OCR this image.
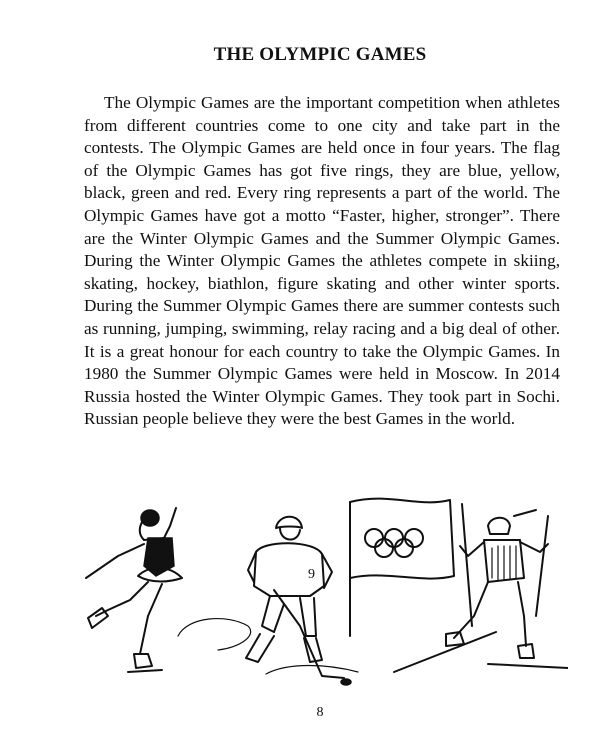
THE OLYMPIC GAMES

The Olympic Games are the important competition when athletes from different countries come to one city and take part in the contests. The Olympic Games are held once in four years. The flag of the Olympic Games has got five rings, they are blue, yellow, black, green and red. Every ring represents a part of the world. The Olympic Games have got a motto “Faster, higher, stronger”. There are the Winter Olympic Games and the Summer Olympic Games. During the Winter Olympic Games the athletes compete in skiing, skating, hockey, biathlon, figure skating and other winter sports. During the Summer Olympic Games there are summer contests such as running, jumping, swimming, relay racing and a big deal of other. It is a great honour for each country to take the Olympic Games. In 1980 the Summer Olympic Games were held in Moscow. In 2014 Russia hosted the Winter Olympic Games. They took part in Sochi. Russian people believe they were the best Games in the world.

9
8
